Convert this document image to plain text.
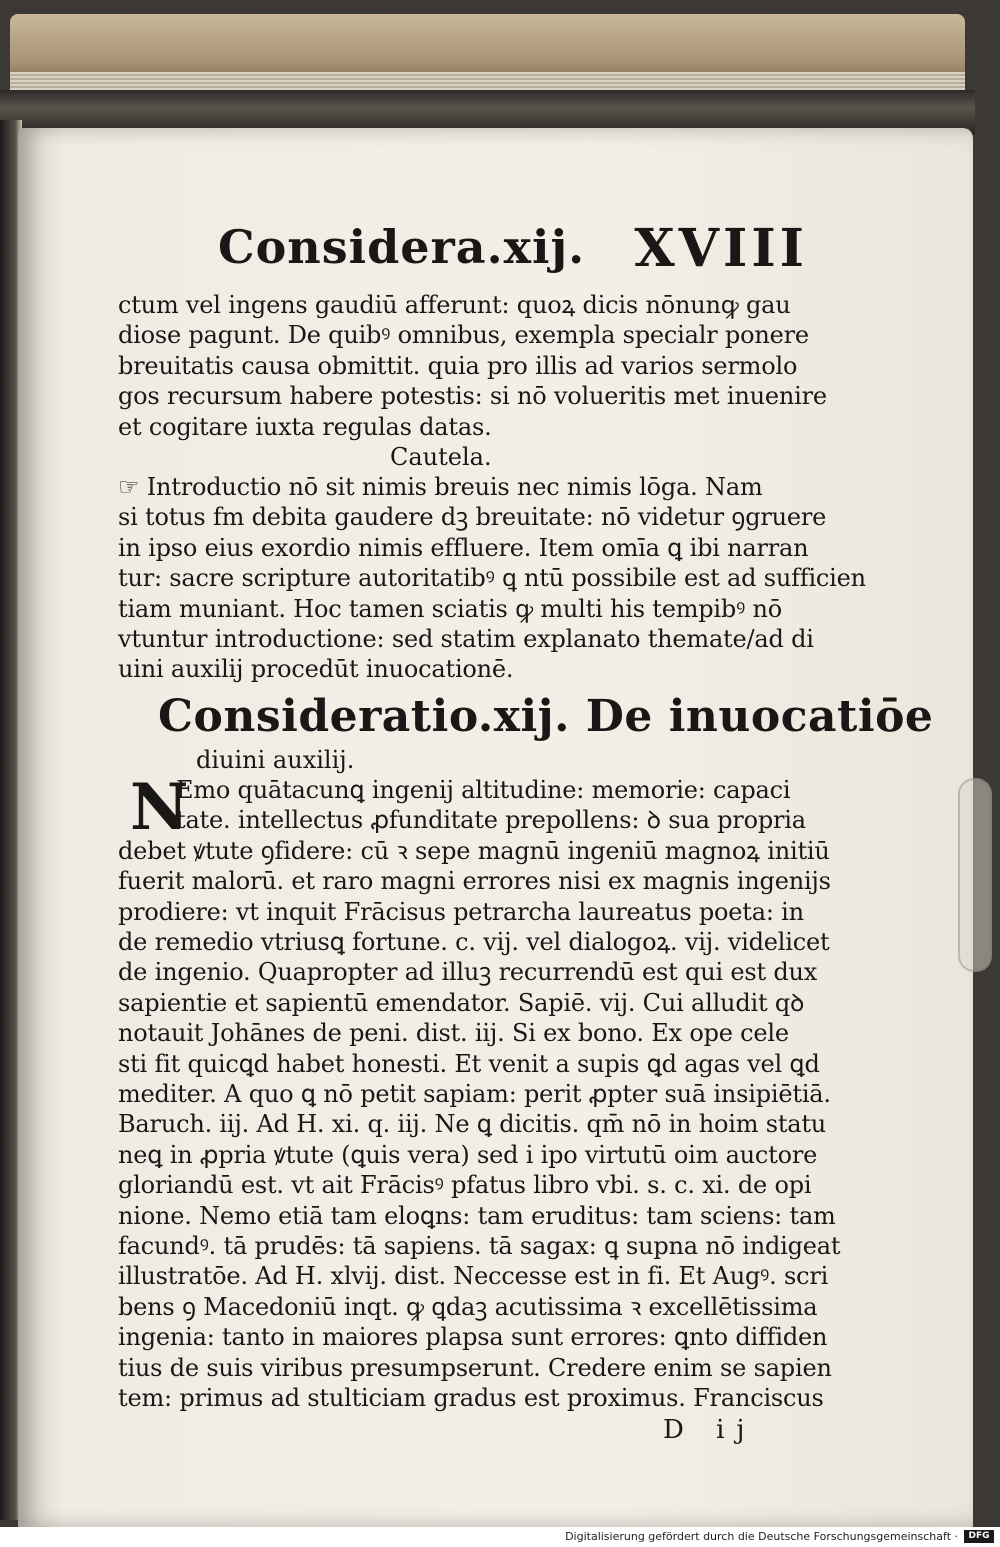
Considera.xij. XVIII
ctum vel ingens gaudiū afferunt: quoꝝ dicis nōnunꝙ gau
diose pagunt. De quibꝰ omnibus, exempla specialr ponere
breuitatis causa obmittit. quia pro illis ad varios sermolo
gos recursum habere potestis: si nō volueritis met inuenire
et cogitare iuxta regulas datas.
Cautela.
☞ Introductio nō sit nimis breuis nec nimis lōga. Nam
si totus fm debita gaudere dꝫ breuitate: nō videtur ꝯgruere
in ipso eius exordio nimis effluere. Item omīa ꝗ ibi narran
tur: sacre scripture autoritatibꝰ ꝗ ntū possibile est ad sufficien
tiam muniant. Hoc tamen sciatis ꝙ multi his tempibꝰ nō
vtuntur introductione: sed statim explanato themate/ad di
uini auxilij procedūt inuocationē.
Consideratio.xij. De inuocatiōe
diuini auxilij.
N
Emo quātacunꝗ ingenij altitudine: memorie: capaci
tate. intellectus ꝓfunditate prepollens: ꝺ sua propria
debet ꝟtute ꝯfidere: cū ꝛ sepe magnū ingeniū magnoꝝ initiū
fuerit malorū. et raro magni errores nisi ex magnis ingenijs
prodiere: vt inquit Frācisus petrarcha laureatus poeta: in
de remedio vtriusꝗ fortune. c. vij. vel dialogoꝝ. vij. videlicet
de ingenio. Quapropter ad illuꝫ recurrendū est qui est dux
sapientie et sapientū emendator. Sapiē. vij. Cui alludit qꝺ
notauit Johānes de peni. dist. iij. Si ex bono. Ex ope cele
sti fit quicꝗd habet honesti. Et venit a supis ꝗd agas vel ꝗd
mediter. A quo ꝗ nō petit sapiam: perit ꝓpter suā insipiētiā.
Baruch. iij. Ad H. xi. q. iij. Ne ꝗ dicitis. qm̄ nō in hoim statu
neꝗ in ꝓpria ꝟtute (ꝗuis vera) sed i ipo virtutū oim auctore
gloriandū est. vt ait Frācisꝰ pfatus libro vbi. s. c. xi. de opi
nione. Nemo etiā tam eloꝗns: tam eruditus: tam sciens: tam
facundꝰ. tā prudēs: tā sapiens. tā sagax: ꝗ supna nō indigeat
illustratōe. Ad H. xlvij. dist. Neccesse est in fi. Et Augꝰ. scri
bens ꝯ Macedoniū inqt. ꝙ ꝗdaꝫ acutissima ꝛ excellētissima
ingenia: tanto in maiores plapsa sunt errores: ꝗnto diffiden
tius de suis viribus presumpserunt. Credere enim se sapien
tem: primus ad stulticiam gradus est proximus. Franciscus
D ij
Digitalisierung gefördert durch die Deutsche Forschungsgemeinschaft ·	DFG
